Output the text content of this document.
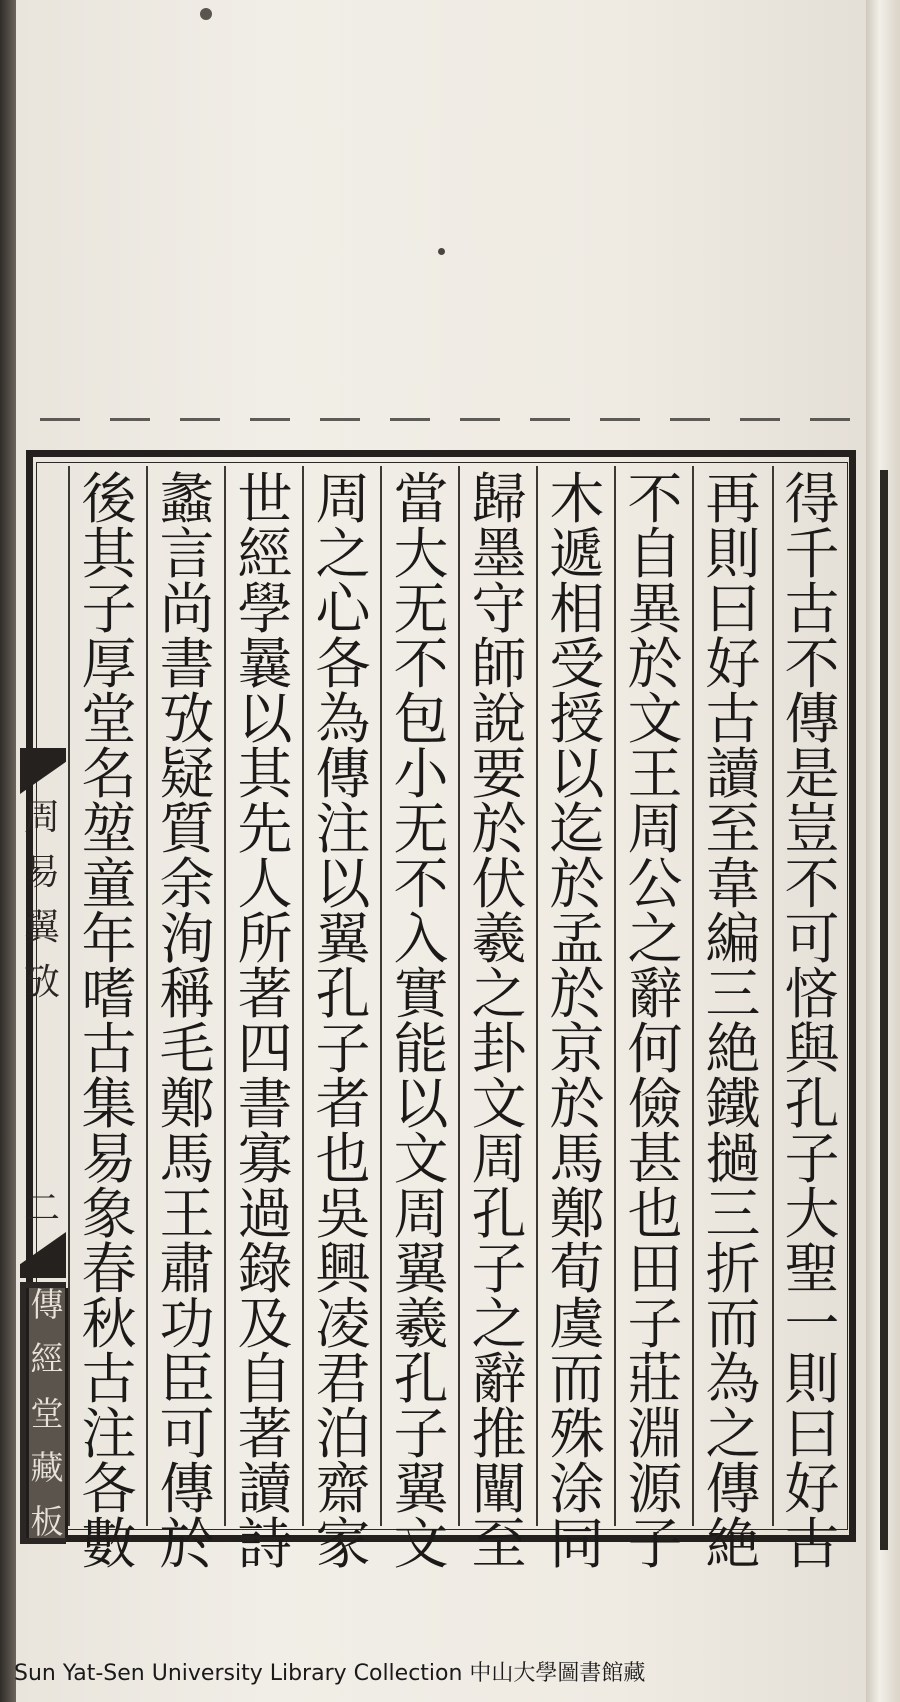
得
千
古
不
傳
是
豈
不
可
悋
與
孔
子
大
聖
一
則
曰
好
古
再
則
曰
好
古
讀
至
韋
編
三
絶
鐵
撾
三
折
而
為
之
傳
絶
不
自
異
於
文
王
周
公
之
辭
何
儉
甚
也
田
子
莊
淵
源
子
木
遞
相
受
授
以
迄
於
孟
於
京
於
馬
鄭
荀
虞
而
殊
涂
同
歸
墨
守
師
說
要
於
伏
羲
之
卦
文
周
孔
子
之
辭
推
闡
至
當
大
无
不
包
小
无
不
入
實
能
以
文
周
翼
羲
孔
子
翼
文
周
之
心
各
為
傳
注
以
翼
孔
子
者
也
吳
興
凌
君
泊
齋
家
世
經
學
曩
以
其
先
人
所
著
四
書
寡
過
錄
及
自
著
讀
詩
蠡
言
尚
書
攷
疑
質
余
洵
稱
毛
鄭
馬
王
肅
功
臣
可
傳
於
後
其
子
厚
堂
名
堃
童
年
嗜
古
集
易
象
春
秋
古
注
各
數
周
易
翼
攷
二
傳
經
堂
藏
板
Sun Yat-Sen University Library Collection 中山大學圖書館藏
